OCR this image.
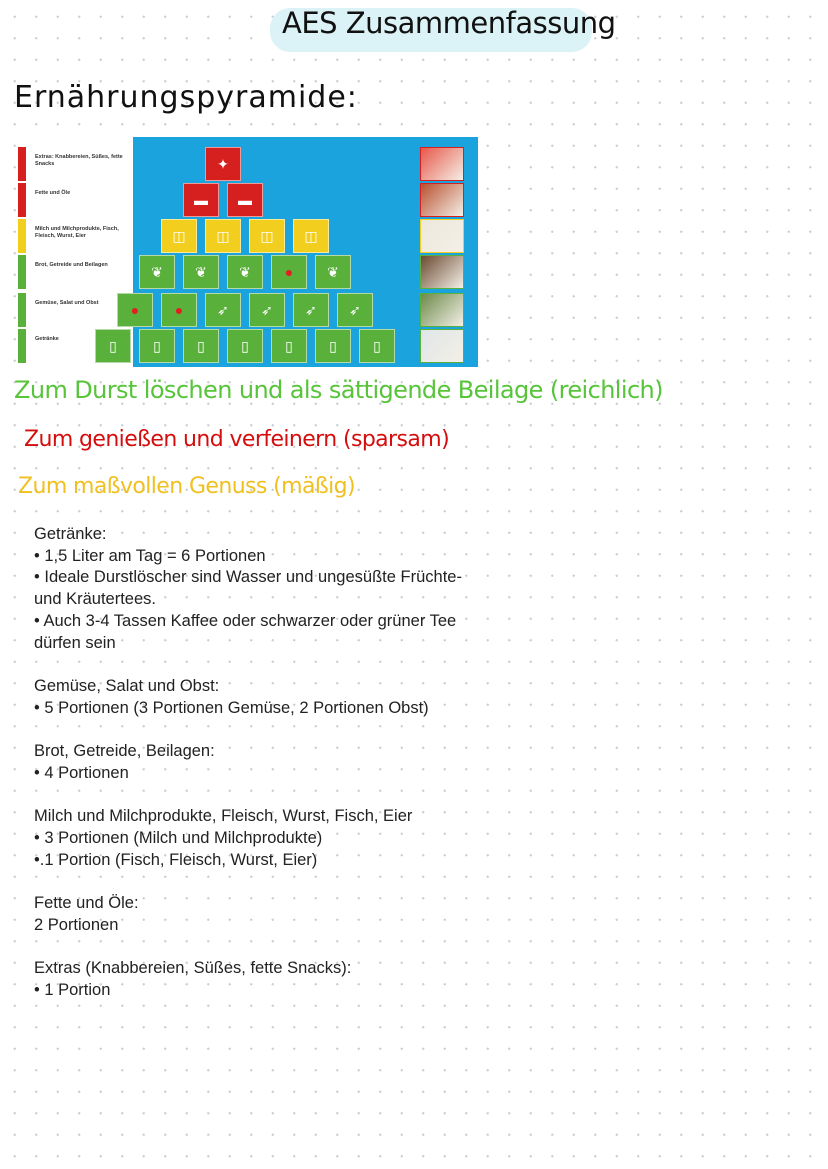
AES Zusammenfassung
Ernährungspyramide:
Extras: Knabbereien, Süßes, fette Snacks
Fette und Öle
Milch und Milchprodukte, Fisch, Fleisch, Wurst, Eier
Brot, Getreide und Beilagen
Gemüse, Salat und Obst
Getränke
✦
▬ ▬
◫ ◫ ◫ ◫
❦ ❦ ❦ ● ❦
●	● ➶ ➶ ➶ ➶
▯	▯	▯	▯	▯	▯	▯
Zum Durst löschen und als sättigende Beilage (reichlich)
Zum genießen und verfeinern (sparsam)
Zum maßvollen Genuss (mäßig)
Getränke:
• 1,5 Liter am Tag = 6 Portionen
• Ideale Durstlöscher sind Wasser und ungesüßte Früchte-
und Kräutertees.
• Auch 3-4 Tassen Kaffee oder schwarzer oder grüner Tee
dürfen sein
Gemüse, Salat und Obst:
• 5 Portionen (3 Portionen Gemüse, 2 Portionen Obst)
Brot, Getreide, Beilagen:
• 4 Portionen
Milch und Milchprodukte, Fleisch, Wurst, Fisch, Eier
• 3 Portionen (Milch und Milchprodukte)
•.1 Portion (Fisch, Fleisch, Wurst, Eier)
Fette und Öle:
2 Portionen
Extras (Knabbereien, Süßes, fette Snacks):
• 1 Portion
